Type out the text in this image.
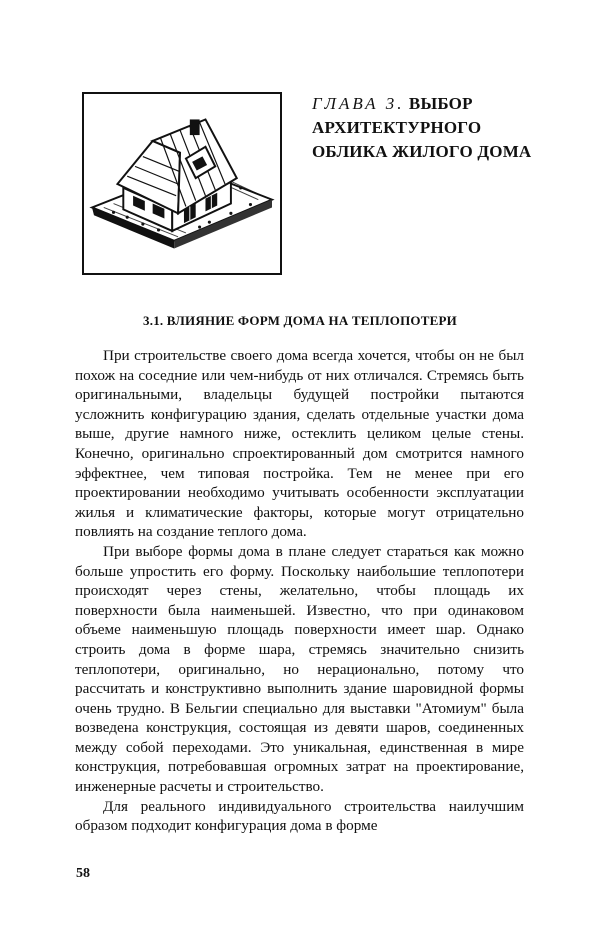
ГЛАВА 3. ВЫБОР
АРХИТЕКТУРНОГО
ОБЛИКА ЖИЛОГО ДОМА
3.1. ВЛИЯНИЕ ФОРМ ДОМА НА ТЕПЛОПОТЕРИ

При строительстве своего дома всегда хочется, чтобы он не был похож на соседние или чем-нибудь от них отличался. Стремясь быть оригинальными, владельцы будущей постройки пытаются усложнить конфигурацию здания, сделать отдельные участки дома выше, другие намного ниже, остеклить целиком целые стены. Конечно, оригинально спроектированный дом смотрится намного эффектнее, чем типовая постройка. Тем не менее при его проектировании необходимо учитывать особенности эксплуатации жилья и климатические факторы, которые могут отрицательно повлиять на создание теплого дома.

При выборе формы дома в плане следует стараться как можно больше упростить его форму. Поскольку наибольшие теплопотери происходят через стены, желательно, чтобы площадь их поверхности была наименьшей. Известно, что при одинаковом объеме наименьшую площадь поверхности имеет шар. Однако строить дома в форме шара, стремясь значительно снизить теплопотери, оригинально, но нерационально, потому что рассчитать и конструктивно выполнить здание шаровидной формы очень трудно. В Бельгии специально для выставки "Атомиум" была возведена конструкция, состоящая из девяти шаров, соединенных между собой переходами. Это уникальная, единственная в мире конструкция, потребовавшая огромных затрат на проектирование, инженерные расчеты и строительство.

Для реального индивидуального строительства наилучшим образом подходит конфигурация дома в форме

58
